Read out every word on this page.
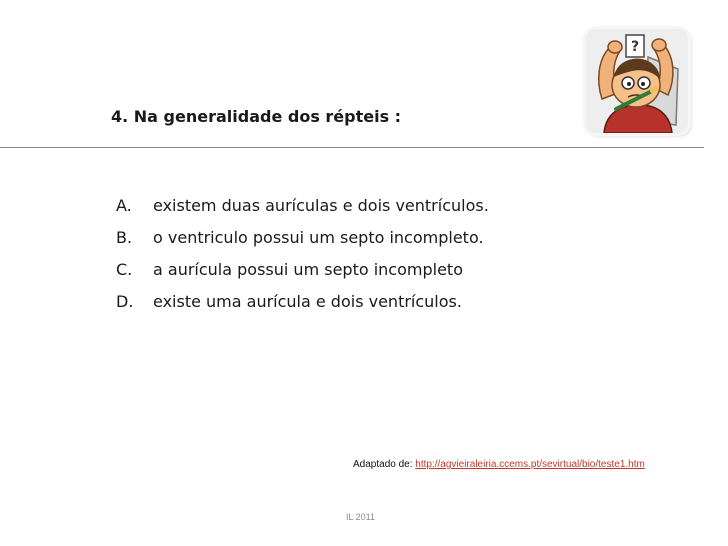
4. Na generalidade dos répteis :
?
A.	existem duas aurículas e dois ventrículos.
B.	o ventriculo possui um septo incompleto.
C.	a aurícula possui um septo incompleto
D.	existe uma aurícula e dois ventrículos.
Adaptado de: http://agvieiraleiria.ccems.pt/sevirtual/bio/teste1.htm
IL 2011
